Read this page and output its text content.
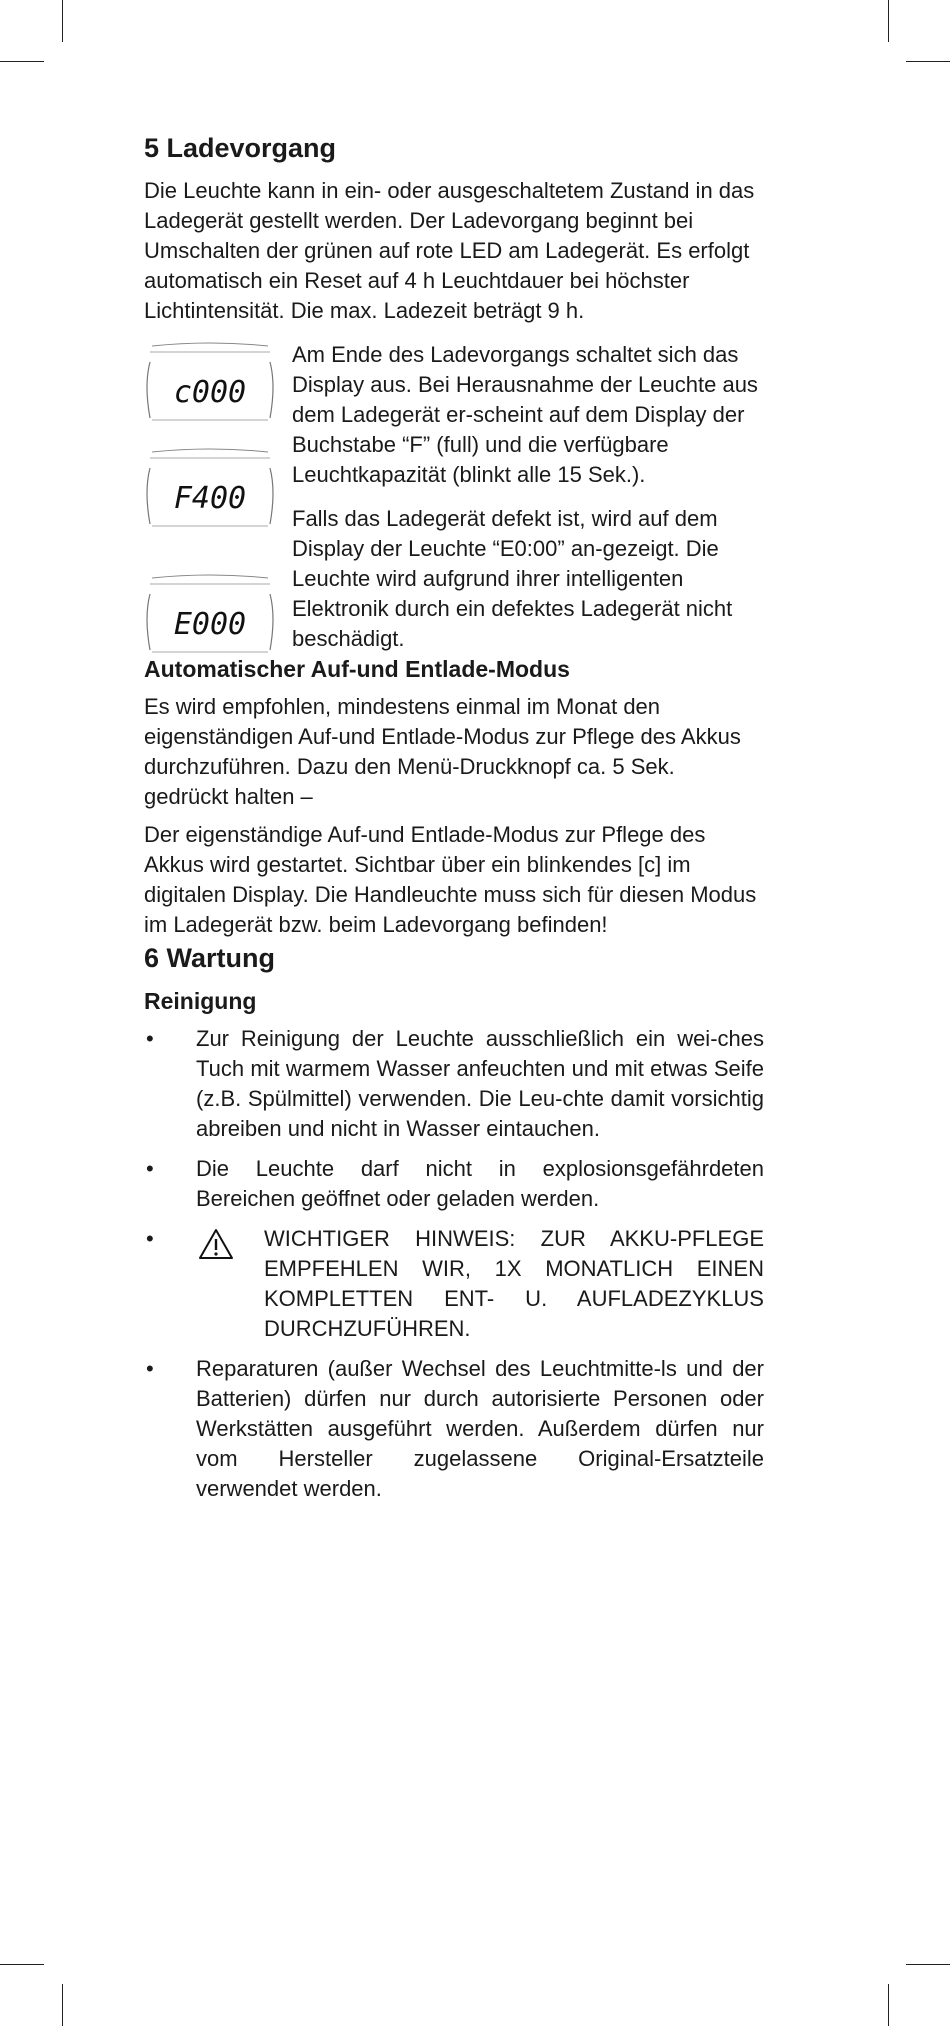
5 Ladevorgang

Die Leuchte kann in ein- oder ausgeschaltetem Zustand in das Ladegerät gestellt werden. Der Ladevorgang beginnt bei Umschalten der grünen auf rote LED am Ladegerät. Es erfolgt automatisch ein Reset auf 4 h Leuchtdauer bei höchster Lichtintensität. Die max. Ladezeit beträgt 9 h.

c000
F400
E000

Am Ende des Ladevorgangs schaltet sich das Display aus. Bei Herausnahme der Leuchte aus dem Ladegerät er-scheint auf dem Display der Buchstabe “F” (full) und die verfügbare Leuchtkapazität (blinkt alle 15 Sek.).

Falls das Ladegerät defekt ist, wird auf dem Display der Leuchte “E0:00” an-gezeigt. Die Leuchte wird aufgrund ihrer intelligenten Elektronik durch ein defektes Ladegerät nicht beschädigt.

Automatischer Auf-und Entlade-Modus

Es wird empfohlen, mindestens einmal im Monat den eigenständigen Auf-und Entlade-Modus zur Pflege des Akkus durchzuführen. Dazu den Menü-Druckknopf ca. 5 Sek. gedrückt halten –

Der eigenständige Auf-und Entlade-Modus zur Pflege des Akkus wird gestartet. Sichtbar über ein blinkendes [c] im digitalen Display. Die Handleuchte muss sich für diesen Modus im Ladegerät bzw. beim Ladevorgang befinden!

6 Wartung
Reinigung
• Zur Reinigung der Leuchte ausschließlich ein wei-ches Tuch mit warmem Wasser anfeuchten und mit etwas Seife (z.B. Spülmittel) verwenden. Die Leu-chte damit vorsichtig abreiben und nicht in Wasser eintauchen.

• Die Leuchte darf nicht in explosionsgefährdeten Bereichen geöffnet oder geladen werden.

•	WICHTIGER HINWEIS: ZUR AKKU-PFLEGE EMPFEHLEN WIR, 1X MONATLICH EINEN KOMPLETTEN ENT- U. AUFLADEZYKLUS DURCHZUFÜHREN.
• Reparaturen (außer Wechsel des Leuchtmitte-ls und der Batterien) dürfen nur durch autorisierte Personen oder Werkstätten ausgeführt werden. Außerdem dürfen nur vom Hersteller zugelassene Original-Ersatzteile verwendet werden.
